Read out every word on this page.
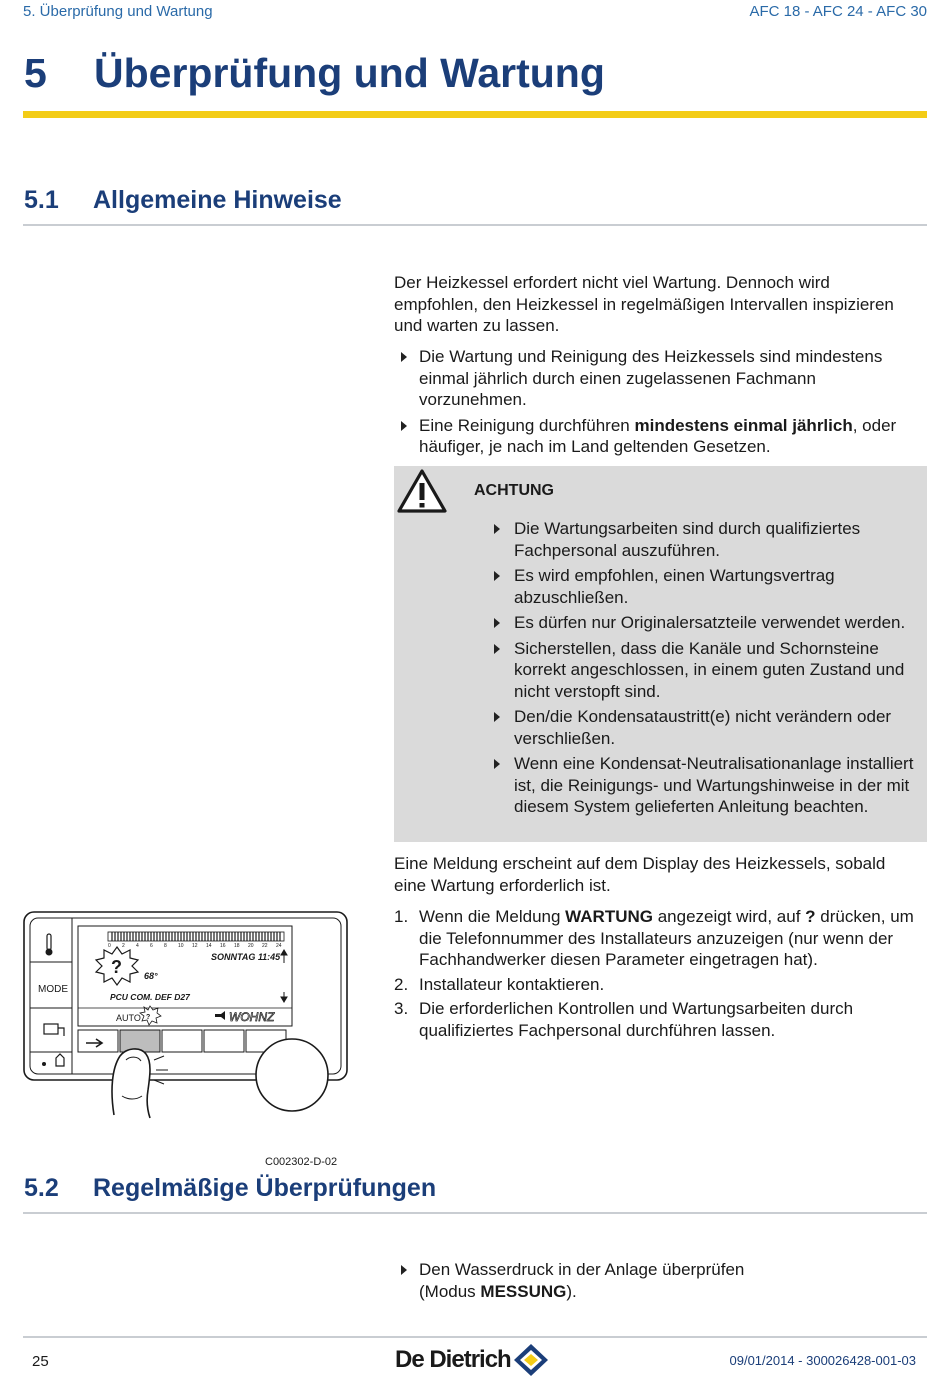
5. Überprüfung und Wartung	AFC 18 - AFC 24 - AFC 30
5 Überprüfung und Wartung
5.1 Allgemeine Hinweise

Der Heizkessel erfordert nicht viel Wartung. Dennoch wird empfohlen, den Heizkessel in regelmäßigen Intervallen inspizieren und warten zu lassen.

Die Wartung und Reinigung des Heizkessels sind mindestens einmal jährlich durch einen zugelassenen Fachmann vorzunehmen.

Eine Reinigung durchführen mindestens einmal jährlich, oder häufiger, je nach im Land geltenden Gesetzen.

ACHTUNG

Die Wartungsarbeiten sind durch qualifiziertes Fachpersonal auszuführen.

Es wird empfohlen, einen Wartungsvertrag abzuschließen.

Es dürfen nur Originalersatzteile verwendet werden.

Sicherstellen, dass die Kanäle und Schornsteine korrekt angeschlossen, in einem guten Zustand und nicht verstopft sind.

Den/die Kondensataustritt(e) nicht verändern oder verschließen.

Wenn eine Kondensat-Neutralisationanlage installiert ist, die Reinigungs- und Wartungshinweise in der mit diesem System gelieferten Anleitung beachten.

Eine Meldung erscheint auf dem Display des Heizkessels, sobald eine Wartung erforderlich ist.

1. Wenn die Meldung WARTUNG angezeigt wird, auf ? drücken, um die Telefonnummer des Installateurs anzuzeigen (nur wenn der Fachhandwerker diesen Parameter eingetragen hat).

2. Installateur kontaktieren.

3. Die erforderlichen Kontrollen und Wartungsarbeiten durch qualifiziertes Fachpersonal durchführen lassen.

MODE
0 2 4 6 8 10 12 14 16 18 20 22 24
SONNTAG 11:45
? 68°
PCU COM. DEF D27
AUTO ?	WOHNZ
C002302-D-02
5.2 Regelmäßige Überprüfungen

Den Wasserdruck in der Anlage überprüfen (Modus MESSUNG).

25	De Dietrich	09/01/2014 - 300026428-001-03
